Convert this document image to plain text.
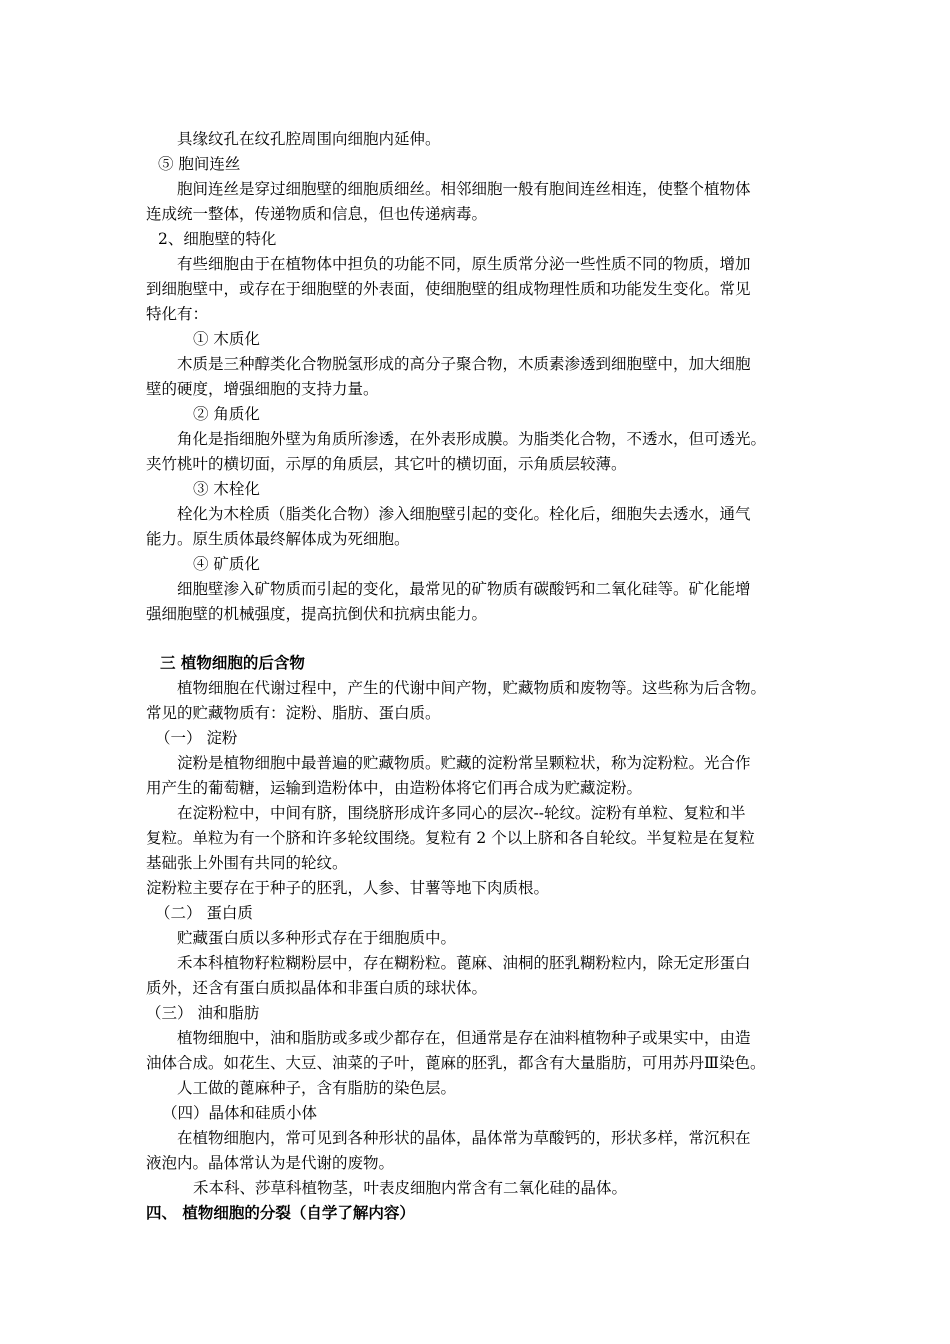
具缘纹孔在纹孔腔周围向细胞内延伸。
⑤ 胞间连丝
胞间连丝是穿过细胞壁的细胞质细丝。相邻细胞一般有胞间连丝相连，使整个植物体
连成统一整体，传递物质和信息，但也传递病毒。
2、细胞壁的特化
有些细胞由于在植物体中担负的功能不同，原生质常分泌一些性质不同的物质，增加
到细胞壁中，或存在于细胞壁的外表面，使细胞壁的组成物理性质和功能发生变化。常见
特化有：
① 木质化
木质是三种醇类化合物脱氢形成的高分子聚合物，木质素渗透到细胞壁中，加大细胞
壁的硬度，增强细胞的支持力量。
② 角质化
角化是指细胞外壁为角质所渗透，在外表形成膜。为脂类化合物，不透水，但可透光。
夹竹桃叶的横切面，示厚的角质层，其它叶的横切面，示角质层较薄。
③ 木栓化
栓化为木栓质（脂类化合物）渗入细胞壁引起的变化。栓化后，细胞失去透水，通气
能力。原生质体最终解体成为死细胞。
④ 矿质化
细胞壁渗入矿物质而引起的变化，最常见的矿物质有碳酸钙和二氧化硅等。矿化能增
强细胞壁的机械强度，提高抗倒伏和抗病虫能力。
三 植物细胞的后含物
植物细胞在代谢过程中，产生的代谢中间产物，贮藏物质和废物等。这些称为后含物。
常见的贮藏物质有：淀粉、脂肪、蛋白质。
（一） 淀粉
淀粉是植物细胞中最普遍的贮藏物质。贮藏的淀粉常呈颗粒状，称为淀粉粒。光合作
用产生的葡萄糖，运输到造粉体中，由造粉体将它们再合成为贮藏淀粉。
在淀粉粒中，中间有脐，围绕脐形成许多同心的层次--轮纹。淀粉有单粒、复粒和半
复粒。单粒为有一个脐和许多轮纹围绕。复粒有 2 个以上脐和各自轮纹。半复粒是在复粒
基础张上外围有共同的轮纹。
淀粉粒主要存在于种子的胚乳，人参、甘薯等地下肉质根。
（二） 蛋白质
贮藏蛋白质以多种形式存在于细胞质中。
禾本科植物籽粒糊粉层中，存在糊粉粒。蓖麻、油桐的胚乳糊粉粒内，除无定形蛋白
质外，还含有蛋白质拟晶体和非蛋白质的球状体。
（三） 油和脂肪
植物细胞中，油和脂肪或多或少都存在，但通常是存在油料植物种子或果实中，由造
油体合成。如花生、大豆、油菜的子叶，蓖麻的胚乳，都含有大量脂肪，可用苏丹Ⅲ染色。
人工做的蓖麻种子，含有脂肪的染色层。
（四）晶体和硅质小体
在植物细胞内，常可见到各种形状的晶体，晶体常为草酸钙的，形状多样，常沉积在
液泡内。晶体常认为是代谢的废物。
禾本科、莎草科植物茎，叶表皮细胞内常含有二氧化硅的晶体。
四、 植物细胞的分裂（自学了解内容）
